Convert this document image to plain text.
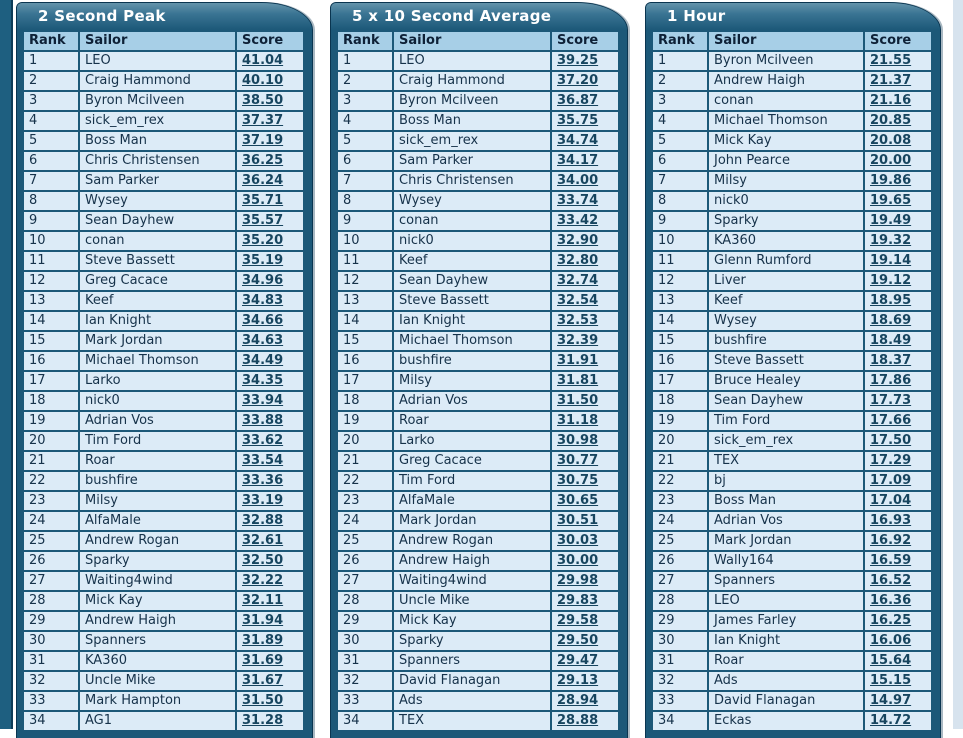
2 Second Peak
Rank	Sailor	Score
1	LEO	41.04
2	Craig Hammond	40.10
3	Byron Mcilveen	38.50
4	sick_em_rex	37.37
5	Boss Man	37.19
6	Chris Christensen	36.25
7	Sam Parker	36.24
8	Wysey	35.71
9	Sean Dayhew	35.57
10	conan	35.20
11	Steve Bassett	35.19
12	Greg Cacace	34.96
13	Keef	34.83
14	Ian Knight	34.66
15	Mark Jordan	34.63
16	Michael Thomson	34.49
17	Larko	34.35
18	nick0	33.94
19	Adrian Vos	33.88
20	Tim Ford	33.62
21	Roar	33.54
22	bushfire	33.36
23	Milsy	33.19
24	AlfaMale	32.88
25	Andrew Rogan	32.61
26	Sparky	32.50
27	Waiting4wind	32.22
28	Mick Kay	32.11
29	Andrew Haigh	31.94
30	Spanners	31.89
31	KA360	31.69
32	Uncle Mike	31.67
33	Mark Hampton	31.50
34	AG1	31.28
5 x 10 Second Average
Rank	Sailor	Score
1	LEO	39.25
2	Craig Hammond	37.20
3	Byron Mcilveen	36.87
4	Boss Man	35.75
5	sick_em_rex	34.74
6	Sam Parker	34.17
7	Chris Christensen	34.00
8	Wysey	33.74
9	conan	33.42
10	nick0	32.90
11	Keef	32.80
12	Sean Dayhew	32.74
13	Steve Bassett	32.54
14	Ian Knight	32.53
15	Michael Thomson	32.39
16	bushfire	31.91
17	Milsy	31.81
18	Adrian Vos	31.50
19	Roar	31.18
20	Larko	30.98
21	Greg Cacace	30.77
22	Tim Ford	30.75
23	AlfaMale	30.65
24	Mark Jordan	30.51
25	Andrew Rogan	30.03
26	Andrew Haigh	30.00
27	Waiting4wind	29.98
28	Uncle Mike	29.83
29	Mick Kay	29.58
30	Sparky	29.50
31	Spanners	29.47
32	David Flanagan	29.13
33	Ads	28.94
34	TEX	28.88
1 Hour
Rank	Sailor	Score
1	Byron Mcilveen	21.55
2	Andrew Haigh	21.37
3	conan	21.16
4	Michael Thomson	20.85
5	Mick Kay	20.08
6	John Pearce	20.00
7	Milsy	19.86
8	nick0	19.65
9	Sparky	19.49
10	KA360	19.32
11	Glenn Rumford	19.14
12	Liver	19.12
13	Keef	18.95
14	Wysey	18.69
15	bushfire	18.49
16	Steve Bassett	18.37
17	Bruce Healey	17.86
18	Sean Dayhew	17.73
19	Tim Ford	17.66
20	sick_em_rex	17.50
21	TEX	17.29
22	bj	17.09
23	Boss Man	17.04
24	Adrian Vos	16.93
25	Mark Jordan	16.92
26	Wally164	16.59
27	Spanners	16.52
28	LEO	16.36
29	James Farley	16.25
30	Ian Knight	16.06
31	Roar	15.64
32	Ads	15.15
33	David Flanagan	14.97
34	Eckas	14.72
